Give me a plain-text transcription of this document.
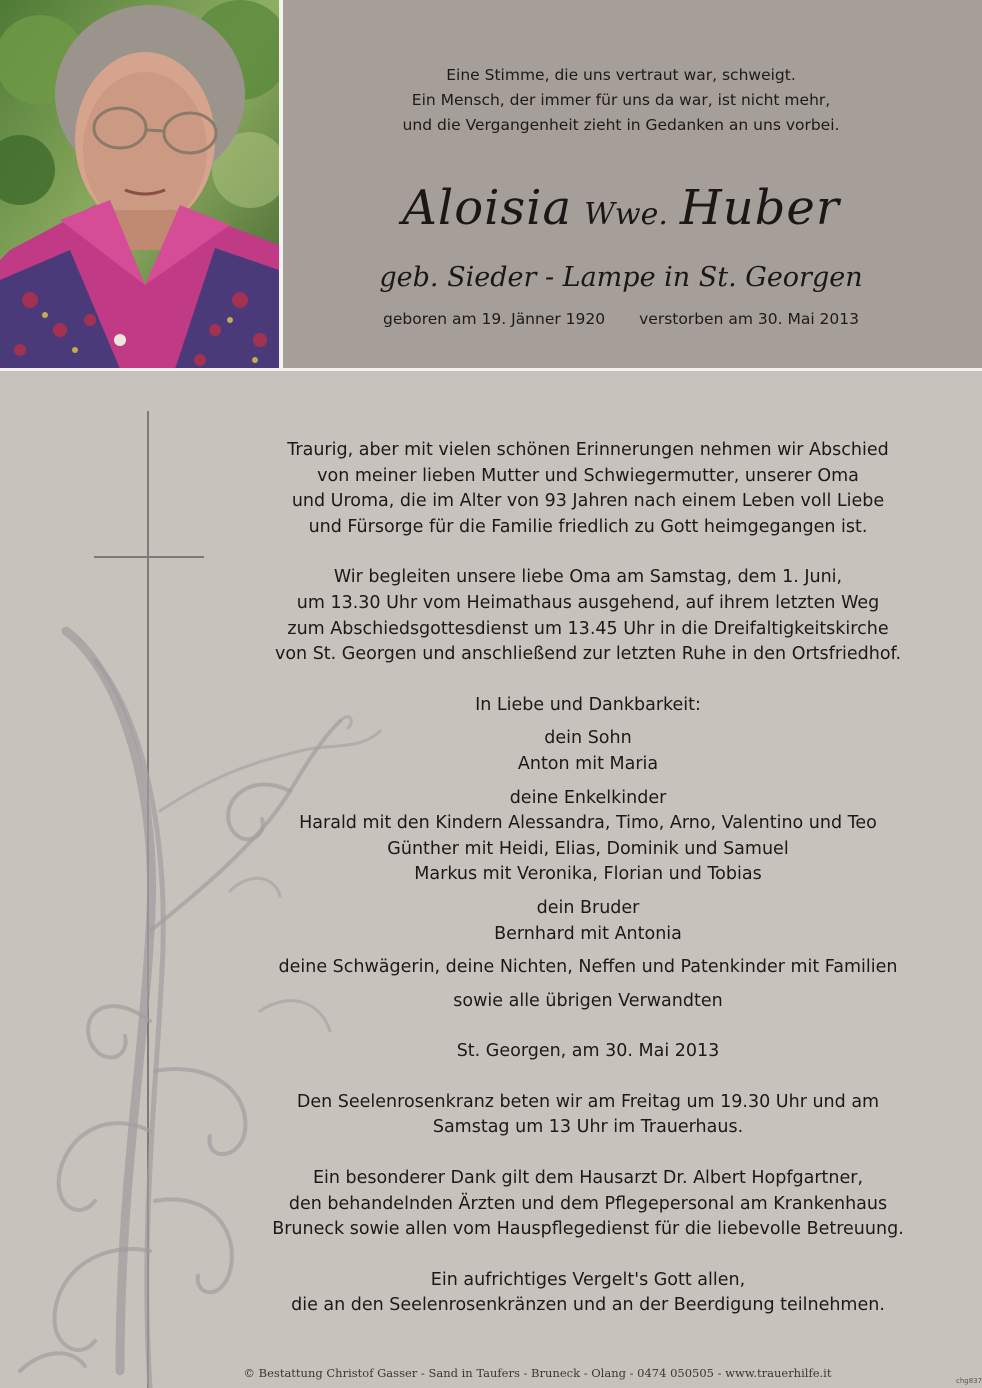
Eine Stimme, die uns vertraut war, schweigt.
Ein Mensch, der immer für uns da war, ist nicht mehr,
und die Vergangenheit zieht in Gedanken an uns vorbei.
Aloisia Wwe. Huber
geb. Sieder - Lampe in St. Georgen
geboren am 19. Jänner 1920 verstorben am 30. Mai 2013
Traurig, aber mit vielen schönen Erinnerungen nehmen wir Abschied
von meiner lieben Mutter und Schwiegermutter, unserer Oma
und Uroma, die im Alter von 93 Jahren nach einem Leben voll Liebe
und Fürsorge für die Familie friedlich zu Gott heimgegangen ist.
Wir begleiten unsere liebe Oma am Samstag, dem 1. Juni,
um 13.30 Uhr vom Heimathaus ausgehend, auf ihrem letzten Weg
zum Abschiedsgottesdienst um 13.45 Uhr in die Dreifaltigkeitskirche
von St. Georgen und anschließend zur letzten Ruhe in den Ortsfriedhof.
In Liebe und Dankbarkeit:
dein Sohn
Anton mit Maria
deine Enkelkinder
Harald mit den Kindern Alessandra, Timo, Arno, Valentino und Teo
Günther mit Heidi, Elias, Dominik und Samuel
Markus mit Veronika, Florian und Tobias
dein Bruder
Bernhard mit Antonia
deine Schwägerin, deine Nichten, Neffen und Patenkinder mit Familien
sowie alle übrigen Verwandten
St. Georgen, am 30. Mai 2013
Den Seelenrosenkranz beten wir am Freitag um 19.30 Uhr und am
Samstag um 13 Uhr im Trauerhaus.
Ein besonderer Dank gilt dem Hausarzt Dr. Albert Hopfgartner,
den behandelnden Ärzten und dem Pflegepersonal am Krankenhaus
Bruneck sowie allen vom Hauspflegedienst für die liebevolle Betreuung.
Ein aufrichtiges Vergelt's Gott allen,
die an den Seelenrosenkränzen und an der Beerdigung teilnehmen.
© Bestattung Christof Gasser - Sand in Taufers - Bruneck - Olang - 0474 050505 - www.trauerhilfe.it
chg837
